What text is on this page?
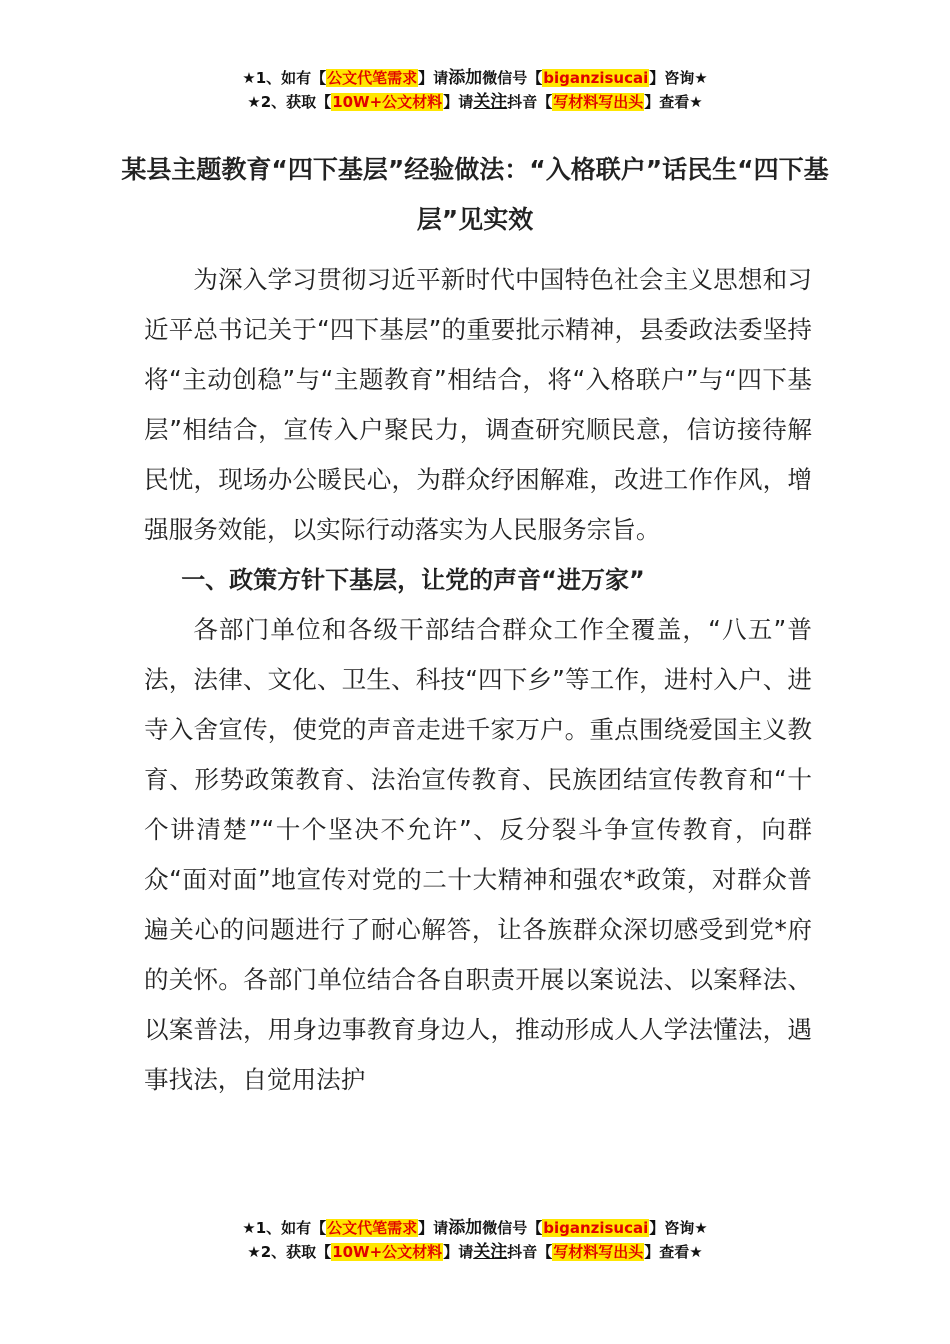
★1、如有【公文代笔需求】请添加微信号【biganzisucai】咨询★
★2、获取【10W+公文材料】请关注抖音【写材料写出头】查看★
某县主题教育“四下基层”经验做法：“入格联户”话民生“四下基层”见实效

为深入学习贯彻习近平新时代中国特色社会主义思想和习近平总书记关于“四下基层”的重要批示精神，县委政法委坚持将“主动创稳”与“主题教育”相结合，将“入格联户”与“四下基层”相结合，宣传入户聚民力，调查研究顺民意，信访接待解民忧，现场办公暖民心，为群众纾困解难，改进工作作风，增强服务效能，以实际行动落实为人民服务宗旨。

一、政策方针下基层，让党的声音“进万家”

各部门单位和各级干部结合群众工作全覆盖，“八五”普法，法律、文化、卫生、科技“四下乡”等工作，进村入户、进寺入舍宣传，使党的声音走进千家万户。重点围绕爱国主义教育、形势政策教育、法治宣传教育、民族团结宣传教育和“十个讲清楚”“十个坚决不允许”、反分裂斗争宣传教育，向群众“面对面”地宣传对党的二十大精神和强农*政策，对群众普遍关心的问题进行了耐心解答，让各族群众深切感受到党*府的关怀。各部门单位结合各自职责开展以案说法、以案释法、以案普法，用身边事教育身边人，推动形成人人学法懂法，遇事找法，自觉用法护

★1、如有【公文代笔需求】请添加微信号【biganzisucai】咨询★
★2、获取【10W+公文材料】请关注抖音【写材料写出头】查看★
